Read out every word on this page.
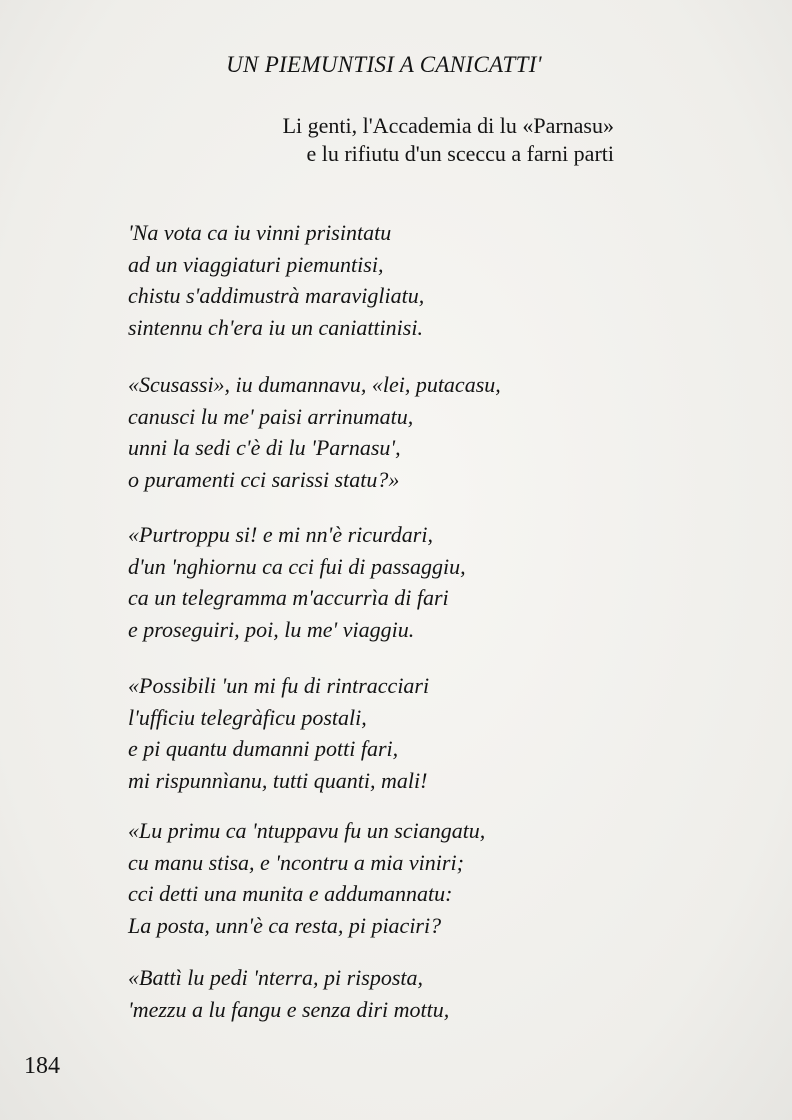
UN PIEMUNTISI A CANICATTI'
Li genti, l'Accademia di lu «Parnasu»
e lu rifiutu d'un sceccu a farni parti
'Na vota ca iu vinni prisintatu
ad un viaggiaturi piemuntisi,
chistu s'addimustrà maravigliatu,
sintennu ch'era iu un caniattinisi.
«Scusassi», iu dumannavu, «lei, putacasu,
canusci lu me' paisi arrinumatu,
unni la sedi c'è di lu 'Parnasu',
o puramenti cci sarissi statu?»
«Purtroppu si! e mi nn'è ricurdari,
d'un 'nghiornu ca cci fui di passaggiu,
ca un telegramma m'accurrìa di fari
e proseguiri, poi, lu me' viaggiu.
«Possibili 'un mi fu di rintracciari
l'ufficiu telegràficu postali,
e pi quantu dumanni potti fari,
mi rispunnìanu, tutti quanti, mali!
«Lu primu ca 'ntuppavu fu un sciangatu,
cu manu stisa, e 'ncontru a mia viniri;
cci detti una munita e addumannatu:
La posta, unn'è ca resta, pi piaciri?
«Battì lu pedi 'nterra, pi risposta,
'mezzu a lu fangu e senza diri mottu,
184
